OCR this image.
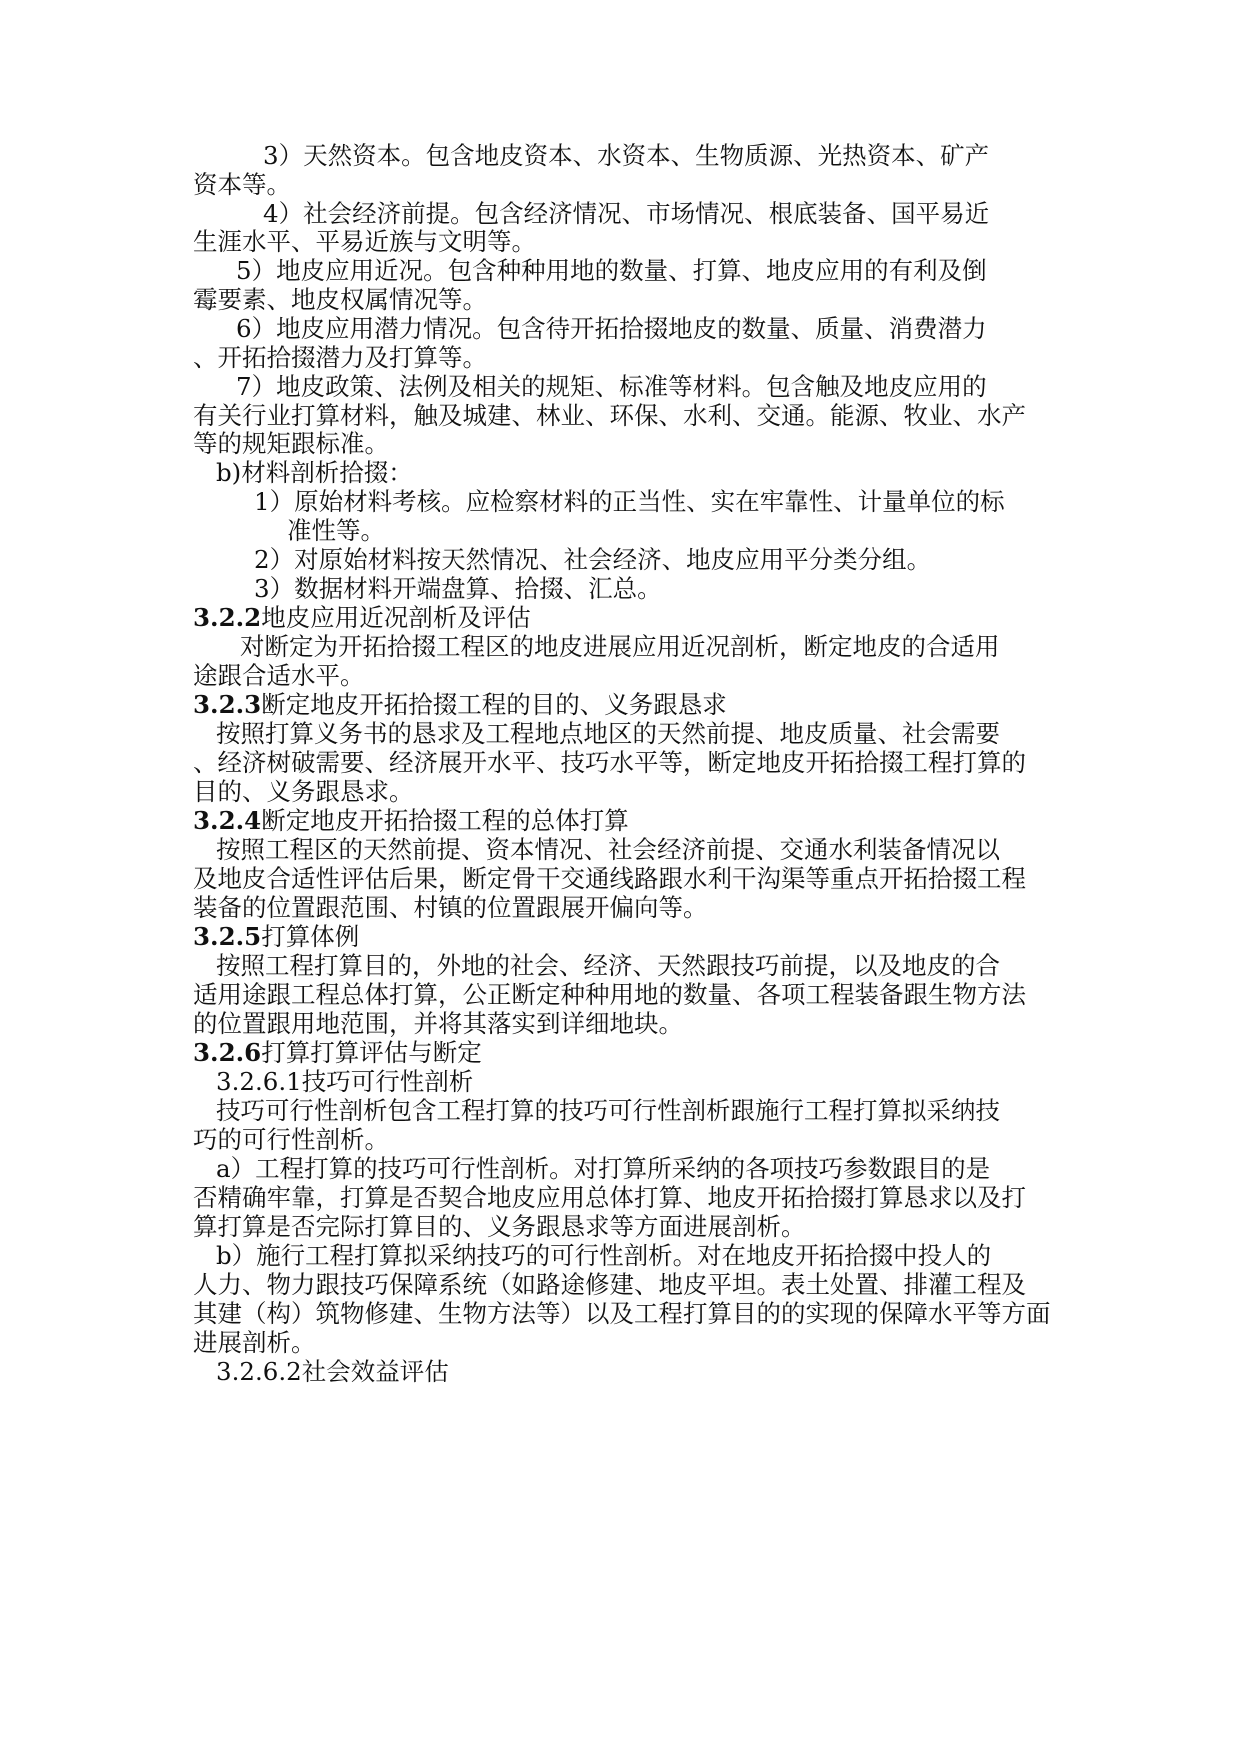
3）天然资本。包含地皮资本、水资本、生物质源、光热资本、矿产
资本等。
4）社会经济前提。包含经济情况、市场情况、根底装备、国平易近
生涯水平、平易近族与文明等。
5）地皮应用近况。包含种种用地的数量、打算、地皮应用的有利及倒
霉要素、地皮权属情况等。
6）地皮应用潜力情况。包含待开拓拾掇地皮的数量、质量、消费潜力
、开拓拾掇潜力及打算等。
7）地皮政策、法例及相关的规矩、标准等材料。包含触及地皮应用的
有关行业打算材料，触及城建、林业、环保、水利、交通。能源、牧业、水产
等的规矩跟标准。
b)材料剖析拾掇：
1）原始材料考核。应检察材料的正当性、实在牢靠性、计量单位的标
准性等。
2）对原始材料按天然情况、社会经济、地皮应用平分类分组。
3）数据材料开端盘算、拾掇、汇总。
3.2.2地皮应用近况剖析及评估
对断定为开拓拾掇工程区的地皮进展应用近况剖析，断定地皮的合适用
途跟合适水平。
3.2.3断定地皮开拓拾掇工程的目的、义务跟恳求
按照打算义务书的恳求及工程地点地区的天然前提、地皮质量、社会需要
、经济树破需要、经济展开水平、技巧水平等，断定地皮开拓拾掇工程打算的
目的、义务跟恳求。
3.2.4断定地皮开拓拾掇工程的总体打算
按照工程区的天然前提、资本情况、社会经济前提、交通水利装备情况以
及地皮合适性评估后果，断定骨干交通线路跟水利干沟渠等重点开拓拾掇工程
装备的位置跟范围、村镇的位置跟展开偏向等。
3.2.5打算体例
按照工程打算目的，外地的社会、经济、天然跟技巧前提，以及地皮的合
适用途跟工程总体打算，公正断定种种用地的数量、各项工程装备跟生物方法
的位置跟用地范围，并将其落实到详细地块。
3.2.6打算打算评估与断定
3.2.6.1技巧可行性剖析
技巧可行性剖析包含工程打算的技巧可行性剖析跟施行工程打算拟采纳技
巧的可行性剖析。
a）工程打算的技巧可行性剖析。对打算所采纳的各项技巧参数跟目的是
否精确牢靠，打算是否契合地皮应用总体打算、地皮开拓拾掇打算恳求以及打
算打算是否完际打算目的、义务跟恳求等方面进展剖析。
b）施行工程打算拟采纳技巧的可行性剖析。对在地皮开拓拾掇中投人的
人力、物力跟技巧保障系统（如路途修建、地皮平坦。表土处置、排灌工程及
其建（构）筑物修建、生物方法等）以及工程打算目的的实现的保障水平等方面
进展剖析。
3.2.6.2社会效益评估
